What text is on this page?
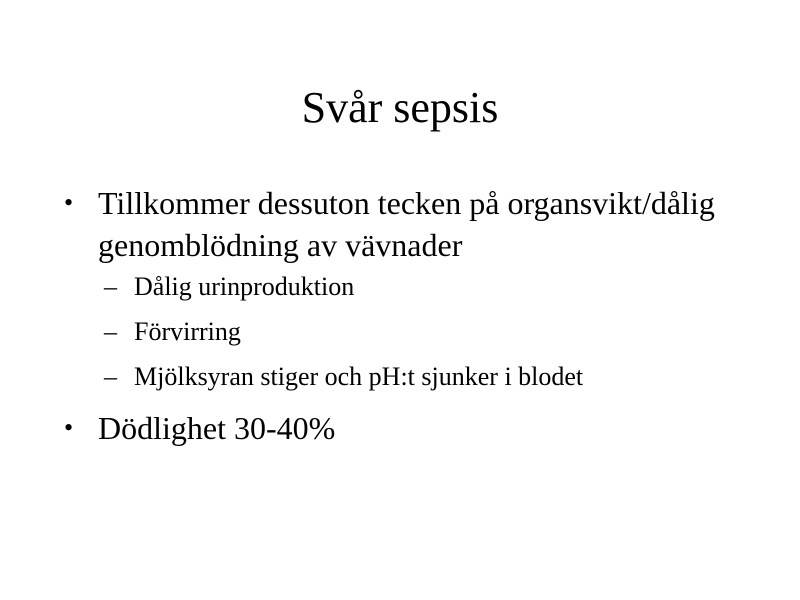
Svår sepsis
• Tillkommer dessuton tecken på organsvikt/dålig genomblödning av vävnader
– Dålig urinproduktion
– Förvirring
– Mjölksyran stiger och pH:t sjunker i blodet
• Dödlighet 30-40%
